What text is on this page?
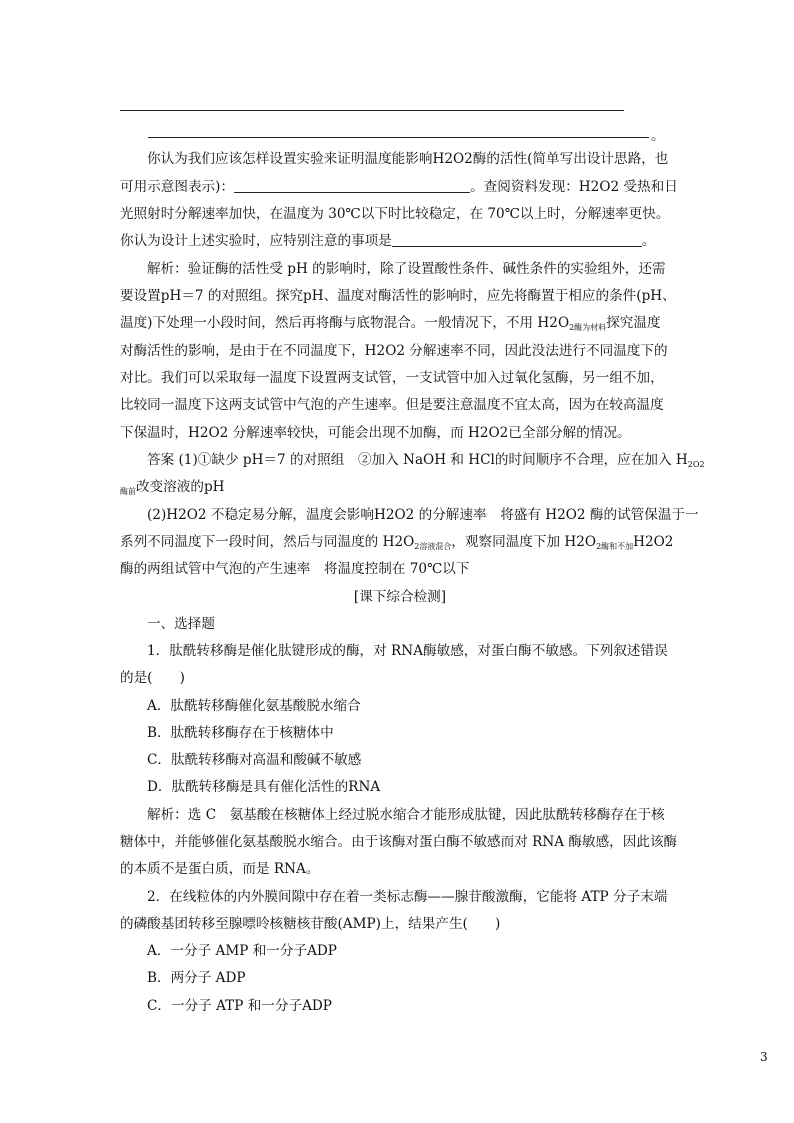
。
你认为我们应该怎样设置实验来证明温度能影响H2O2酶的活性(简单写出设计思路，也
可用示意图表示)：	。查阅资料发现：H2O2 受热和日
光照射时分解速率加快，在温度为 30℃以下时比较稳定，在 70℃以上时，分解速率更快。
你认为设计上述实验时，应特别注意的事项是	。
解析：验证酶的活性受 pH 的影响时，除了设置酸性条件、碱性条件的实验组外，还需
要设置pH＝7 的对照组。探究pH、温度对酶活性的影响时，应先将酶置于相应的条件(pH、
温度)下处理一小段时间，然后再将酶与底物混合。一般情况下，不用 $H2O_{2酶为材料}$探究温度
对酶活性的影响，是由于在不同温度下，H2O2 分解速率不同，因此没法进行不同温度下的
对比。我们可以采取每一温度下设置两支试管，一支试管中加入过氧化氢酶，另一组不加，
比较同一温度下这两支试管中气泡的产生速率。但是要注意温度不宜太高，因为在较高温度
下保温时，H2O2 分解速率较快，可能会出现不加酶，而 H2O2已全部分解的情况。
答案 (1)①缺少 pH＝7 的对照组　②加入 NaOH 和 HCl的时间顺序不合理，应在加入 $H_{2O2}$
$_{酶前}$改变溶液的pH
(2)H2O2 不稳定易分解，温度会影响H2O2 的分解速率　将盛有 H2O2 酶的试管保温于一
系列不同温度下一段时间，然后与同温度的 $H2O_{2溶液混合}$，观察同温度下加 $H2O_{2酶和不加}H2O2$
酶的两组试管中气泡的产生速率　将温度控制在 70℃以下
[课下综合检测]
一、选择题
1．肽酰转移酶是催化肽键形成的酶，对 RNA酶敏感，对蛋白酶不敏感。下列叙述错误
的是(　　)
A．肽酰转移酶催化氨基酸脱水缩合
B．肽酰转移酶存在于核糖体中
C．肽酰转移酶对高温和酸碱不敏感
D．肽酰转移酶是具有催化活性的RNA
解析：选 C　氨基酸在核糖体上经过脱水缩合才能形成肽键，因此肽酰转移酶存在于核
糖体中，并能够催化氨基酸脱水缩合。由于该酶对蛋白酶不敏感而对 RNA 酶敏感，因此该酶
的本质不是蛋白质，而是 RNA。
2．在线粒体的内外膜间隙中存在着一类标志酶——腺苷酸激酶，它能将 ATP 分子末端
的磷酸基团转移至腺嘌呤核糖核苷酸(AMP)上，结果产生(　　)
A．一分子 AMP 和一分子ADP
B．两分子 ADP
C．一分子 ATP 和一分子ADP
3
